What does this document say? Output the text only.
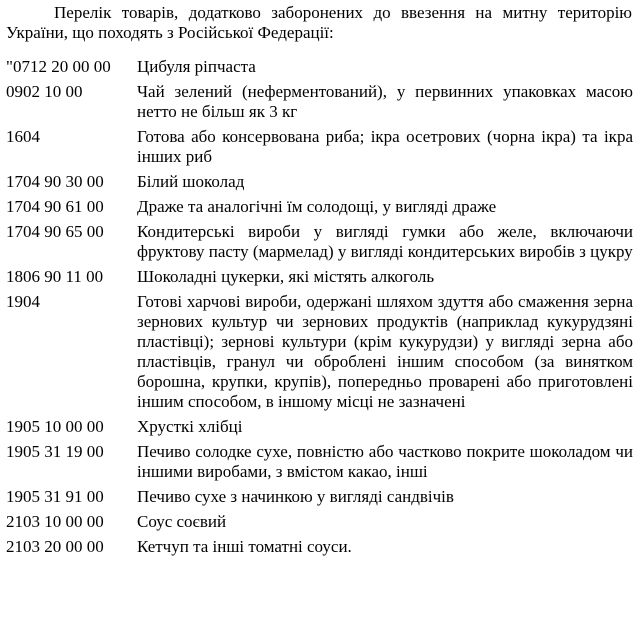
Перелік товарів, додатково заборонених до ввезення на митну територію України, що походять з Російської Федерації:

"0712 20 00 00	Цибуля ріпчаста
0902 10 00	Чай зелений (неферментований), у первинних упаковках масою нетто не більш як 3 кг
1604	Готова або консервована риба; ікра осетрових (чорна ікра) та ікра інших риб
1704 90 30 00	Білий шоколад
1704 90 61 00	Драже та аналогічні їм солодощі, у вигляді драже
1704 90 65 00	Кондитерські вироби у вигляді гумки або желе, включаючи фруктову пасту (мармелад) у вигляді кондитерських виробів з цукру
1806 90 11 00	Шоколадні цукерки, які містять алкоголь
1904	Готові харчові вироби, одержані шляхом здуття або смаження зерна зернових культур чи зернових продуктів (наприклад кукурудзяні пластівці); зернові культури (крім кукурудзи) у вигляді зерна або пластівців, гранул чи оброблені іншим способом (за винятком борошна, крупки, крупів), попередньо проварені або приготовлені іншим способом, в іншому місці не зазначені
1905 10 00 00	Хрусткі хлібці
1905 31 19 00	Печиво солодке сухе, повністю або частково покрите шоколадом чи іншими виробами, з вмістом какао, інші
1905 31 91 00	Печиво сухе з начинкою у вигляді сандвічів
2103 10 00 00	Соус соєвий
2103 20 00 00	Кетчуп та інші томатні соуси.
